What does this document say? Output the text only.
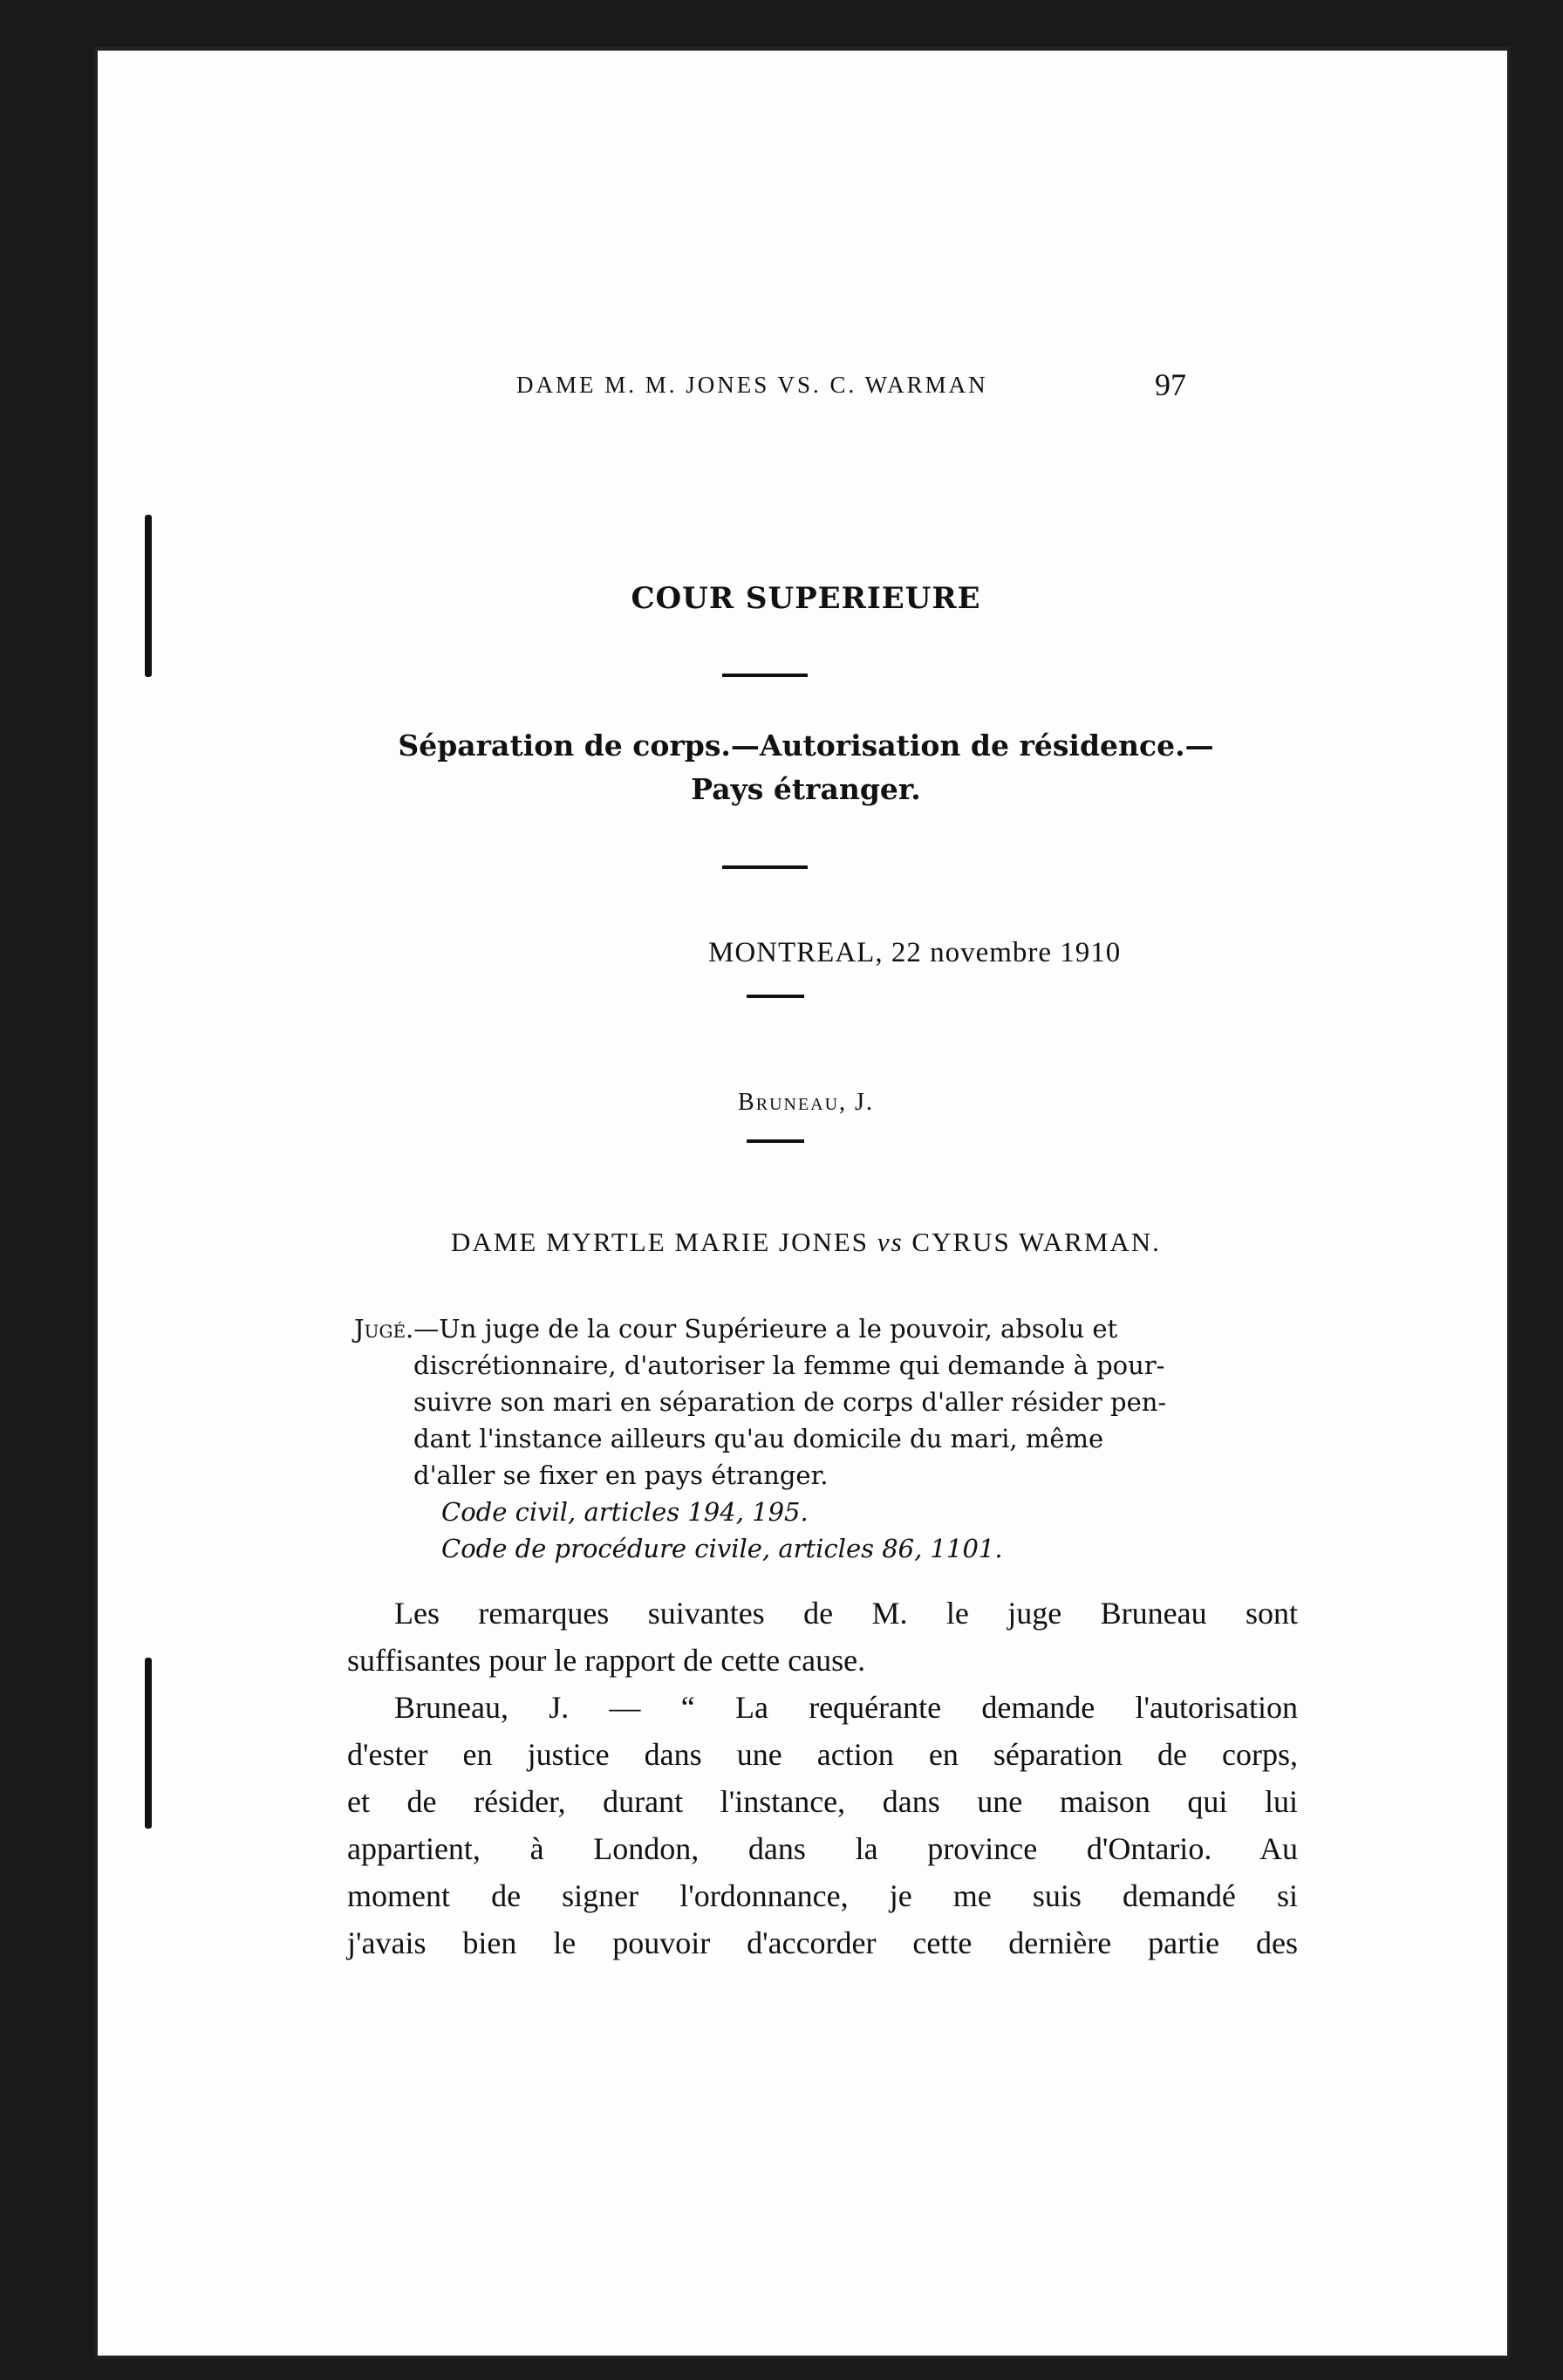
DAME M. M. JONES VS. C. WARMAN	97
COUR SUPERIEURE
Séparation de corps.—Autorisation de résidence.—
Pays étranger.
MONTREAL, 22 novembre 1910
Bruneau, J.
DAME MYRTLE MARIE JONES vs CYRUS WARMAN.
Jugé.—Un juge de la cour Supérieure a le pouvoir, absolu et
discrétionnaire, d'autoriser la femme qui demande à pour-
suivre son mari en séparation de corps d'aller résider pen-
dant l'instance ailleurs qu'au domicile du mari, même
d'aller se fixer en pays étranger.
Code civil, articles 194, 195.
Code de procédure civile, articles 86, 1101.
Les remarques suivantes de M. le juge Bruneau sont
suffisantes pour le rapport de cette cause.
Bruneau, J. — “ La requérante demande l'autorisation
d'ester en justice dans une action en séparation de corps,
et de résider, durant l'instance, dans une maison qui lui
appartient, à London, dans la province d'Ontario. Au
moment de signer l'ordonnance, je me suis demandé si
j'avais bien le pouvoir d'accorder cette dernière partie des
